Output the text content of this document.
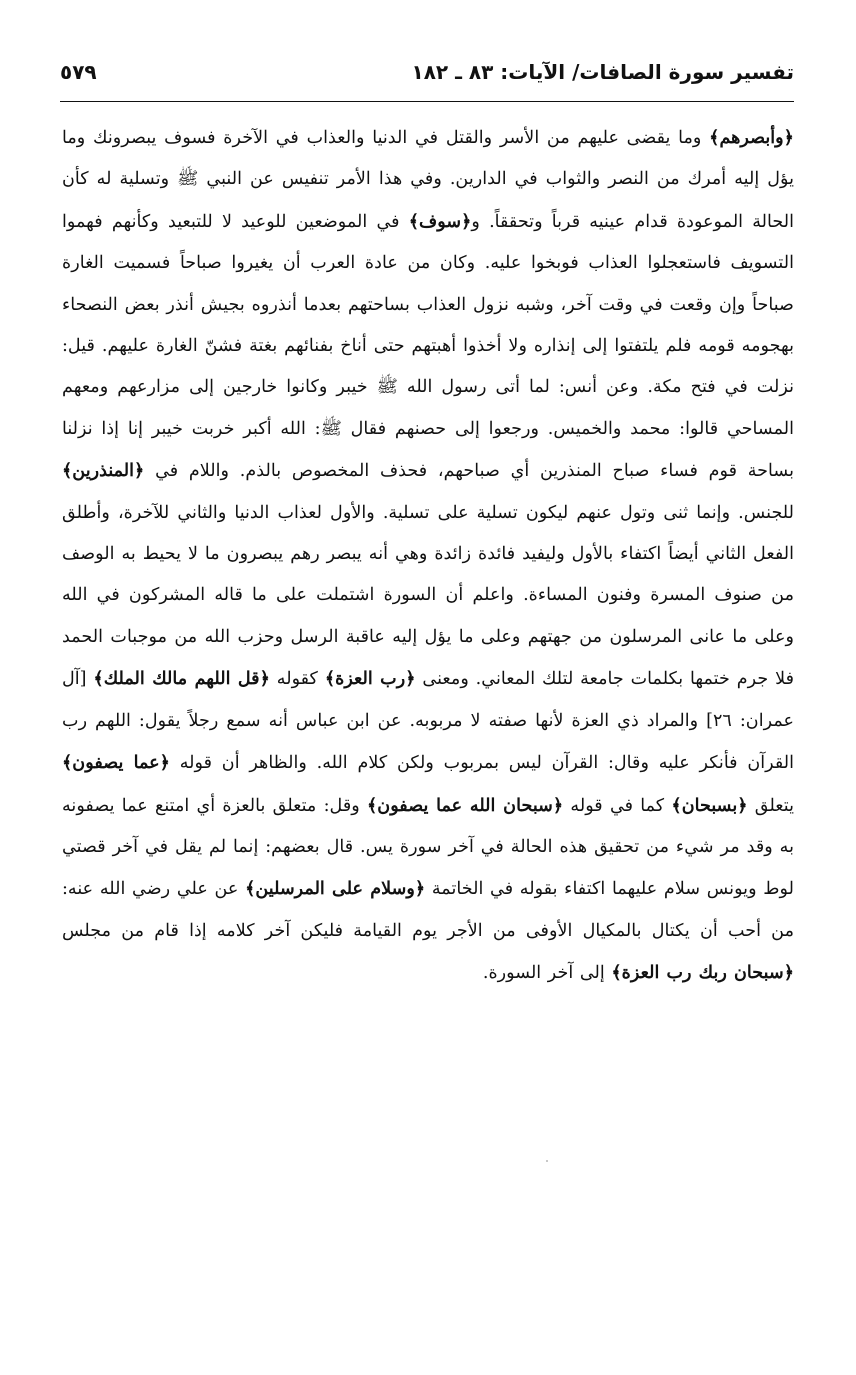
تفسير سورة الصافات/ الآيات: ٨٣ ـ ١٨٢
٥٧٩

﴿وأبصرهم﴾ وما يقضى عليهم من الأسر والقتل في الدنيا والعذاب في الآخرة فسوف يبصرونك وما يؤل إليه أمرك من النصر والثواب في الدارين. وفي هذا الأمر تنفيس عن النبي ﷺ وتسلية له كأن الحالة الموعودة قدام عينيه قرباً وتحققاً. و﴿سوف﴾ في الموضعين للوعيد لا للتبعيد وكأنهم فهموا التسويف فاستعجلوا العذاب فوبخوا عليه. وكان من عادة العرب أن يغيروا صباحاً فسميت الغارة صباحاً وإن وقعت في وقت آخر، وشبه نزول العذاب بساحتهم بعدما أنذروه بجيش أنذر بعض النصحاء بهجومه قومه فلم يلتفتوا إلى إنذاره ولا أخذوا أهبتهم حتى أناخ بفنائهم بغتة فشنّ الغارة عليهم. قيل: نزلت في فتح مكة. وعن أنس: لما أتى رسول الله ﷺ خيبر وكانوا خارجين إلى مزارعهم ومعهم المساحي قالوا: محمد والخميس. ورجعوا إلى حصنهم فقال ﷺ: الله أكبر خربت خيبر إنا إذا نزلنا بساحة قوم فساء صباح المنذرين أي صباحهم، فحذف المخصوص بالذم. واللام في ﴿المنذرين﴾ للجنس. وإنما ثنى وتول عنهم ليكون تسلية على تسلية. والأول لعذاب الدنيا والثاني للآخرة، وأطلق الفعل الثاني أيضاً اكتفاء بالأول وليفيد فائدة زائدة وهي أنه يبصر رهم يبصرون ما لا يحيط به الوصف من صنوف المسرة وفنون المساءة. واعلم أن السورة اشتملت على ما قاله المشركون في الله وعلى ما عانى المرسلون من جهتهم وعلى ما يؤل إليه عاقبة الرسل وحزب الله من موجبات الحمد فلا جرم ختمها بكلمات جامعة لتلك المعاني. ومعنى ﴿رب العزة﴾ كقوله ﴿قل اللهم مالك الملك﴾ [آل عمران: ٢٦] والمراد ذي العزة لأنها صفته لا مربوبه. عن ابن عباس أنه سمع رجلاً يقول: اللهم رب القرآن فأنكر عليه وقال: القرآن ليس بمربوب ولكن كلام الله. والظاهر أن قوله ﴿عما يصفون﴾ يتعلق ﴿بسبحان﴾ كما في قوله ﴿سبحان الله عما يصفون﴾ وقل: متعلق بالعزة أي امتنع عما يصفونه به وقد مر شيء من تحقيق هذه الحالة في آخر سورة يس. قال بعضهم: إنما لم يقل في آخر قصتي لوط ويونس سلام عليهما اكتفاء بقوله في الخاتمة ﴿وسلام على المرسلين﴾ عن علي رضي الله عنه: من أحب أن يكتال بالمكيال الأوفى من الأجر يوم القيامة فليكن آخر كلامه إذا قام من مجلس ﴿سبحان ربك رب العزة﴾ إلى آخر السورة.
